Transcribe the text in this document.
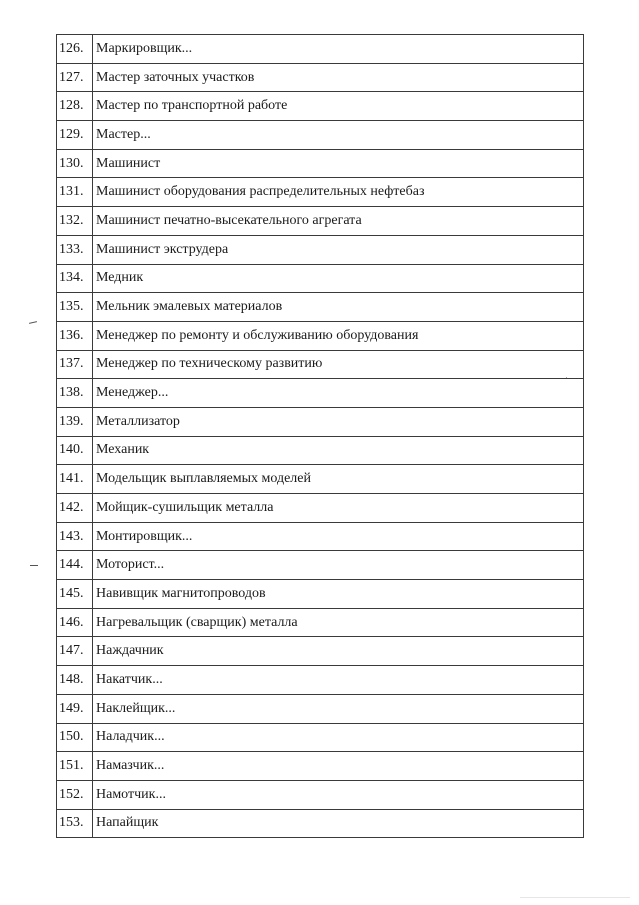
126.	Маркировщик...
127.	Мастер заточных участков
128.	Мастер по транспортной работе
129.	Мастер...
130.	Машинист
131.	Машинист оборудования распределительных нефтебаз
132.	Машинист печатно-высекательного агрегата
133.	Машинист экструдера
134.	Медник
135.	Мельник эмалевых материалов
136.	Менеджер по ремонту и обслуживанию оборудования
137.	Менеджер по техническому развитию
138.	Менеджер...
139.	Металлизатор
140.	Механик
141.	Модельщик выплавляемых моделей
142.	Мойщик-сушильщик металла
143.	Монтировщик...
144.	Моторист...
145.	Навивщик магнитопроводов
146.	Нагревальщик (сварщик) металла
147.	Наждачник
148.	Накатчик...
149.	Наклейщик...
150.	Наладчик...
151.	Намазчик...
152.	Намотчик...
153.	Напайщик
